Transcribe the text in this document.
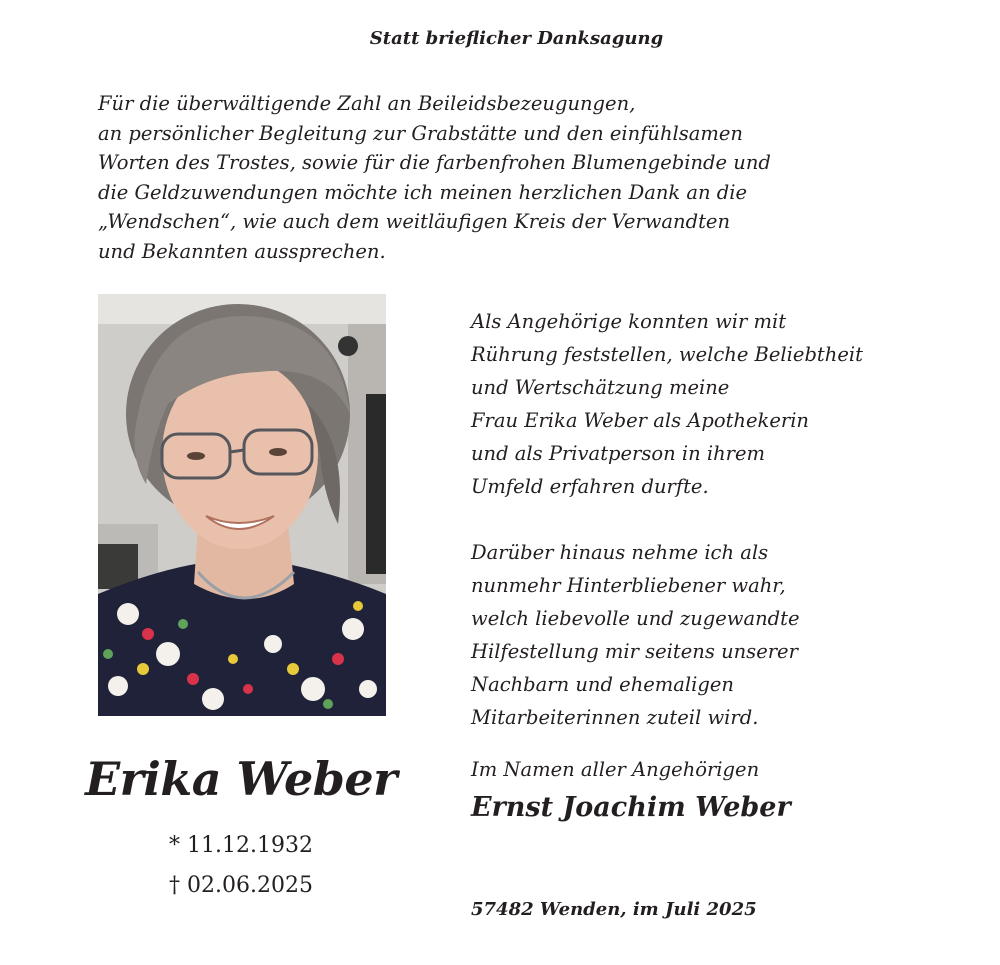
Statt brieflicher Danksagung
Für die überwältigende Zahl an Beileidsbezeugungen,
an persönlicher Begleitung zur Grabstätte und den einfühlsamen
Worten des Trostes, sowie für die farbenfrohen Blumengebinde und
die Geldzuwendungen möchte ich meinen herzlichen Dank an die
„Wendschen“, wie auch dem weitläufigen Kreis der Verwandten
und Bekannten aussprechen.
Als Angehörige konnten wir mit
Rührung feststellen, welche Beliebtheit
und Wertschätzung meine
Frau Erika Weber als Apothekerin
und als Privatperson in ihrem
Umfeld erfahren durfte.
Darüber hinaus nehme ich als
nunmehr Hinterbliebener wahr,
welch liebevolle und zugewandte
Hilfestellung mir seitens unserer
Nachbarn und ehemaligen
Mitarbeiterinnen zuteil wird.
Erika Weber
* 11.12.1932
† 02.06.2025
Im Namen aller Angehörigen
Ernst Joachim Weber
57482 Wenden, im Juli 2025
